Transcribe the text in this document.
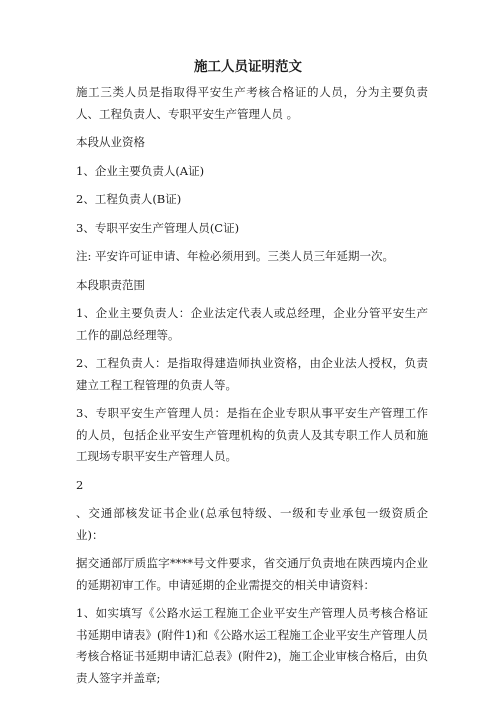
施工人员证明范文

施工三类人员是指取得平安生产考核合格证的人员，分为主要负责人、工程负责人、专职平安生产管理人员 。

本段从业资格

1、企业主要负责人(A证)

2、工程负责人(B证)

3、专职平安生产管理人员(C证)

注: 平安许可证申请、年检必须用到。三类人员三年延期一次。

本段职责范围

1、企业主要负责人：企业法定代表人或总经理，企业分管平安生产工作的副总经理等。

2、工程负责人：是指取得建造师执业资格，由企业法人授权，负责建立工程工程管理的负责人等。

3、专职平安生产管理人员：是指在企业专职从事平安生产管理工作的人员，包括企业平安生产管理机构的负责人及其专职工作人员和施工现场专职平安生产管理人员。

2

、交通部核发证书企业(总承包特级、一级和专业承包一级资质企业)：

据交通部厅质监字****号文件要求，省交通厅负责地在陕西境内企业的延期初审工作。申请延期的企业需提交的相关申请资料：

1、如实填写《公路水运工程施工企业平安生产管理人员考核合格证书延期申请表》(附件1)和《公路水运工程施工企业平安生产管理人员考核合格证书延期申请汇总表》(附件2)，施工企业审核合格后，由负责人签字并盖章;
